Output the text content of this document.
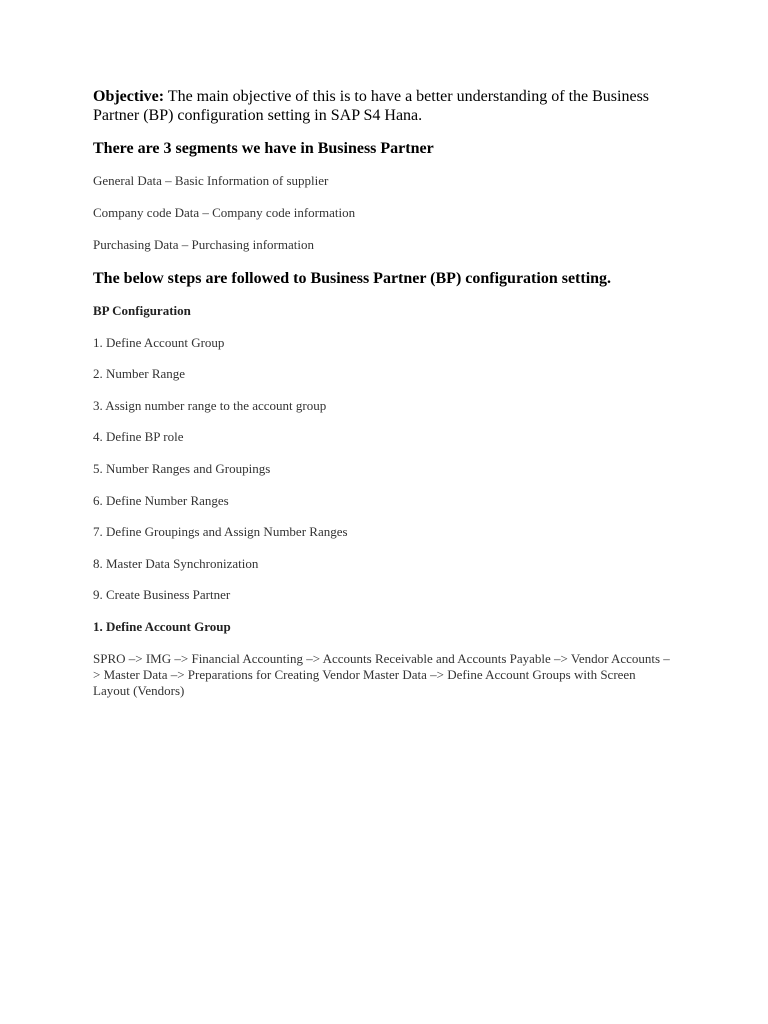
Objective: The main objective of this is to have a better understanding of the Business Partner (BP) configuration setting in SAP S4 Hana.

There are 3 segments we have in Business Partner

General Data – Basic Information of supplier

Company code Data – Company code information

Purchasing Data – Purchasing information

The below steps are followed to Business Partner (BP) configuration setting.

BP Configuration

1. Define Account Group

2. Number Range

3. Assign number range to the account group

4. Define BP role

5. Number Ranges and Groupings

6. Define Number Ranges

7. Define Groupings and Assign Number Ranges

8. Master Data Synchronization

9. Create Business Partner

1. Define Account Group

SPRO –> IMG –> Financial Accounting –> Accounts Receivable and Accounts Payable –> Vendor Accounts –> Master Data –> Preparations for Creating Vendor Master Data –> Define Account Groups with Screen Layout (Vendors)
